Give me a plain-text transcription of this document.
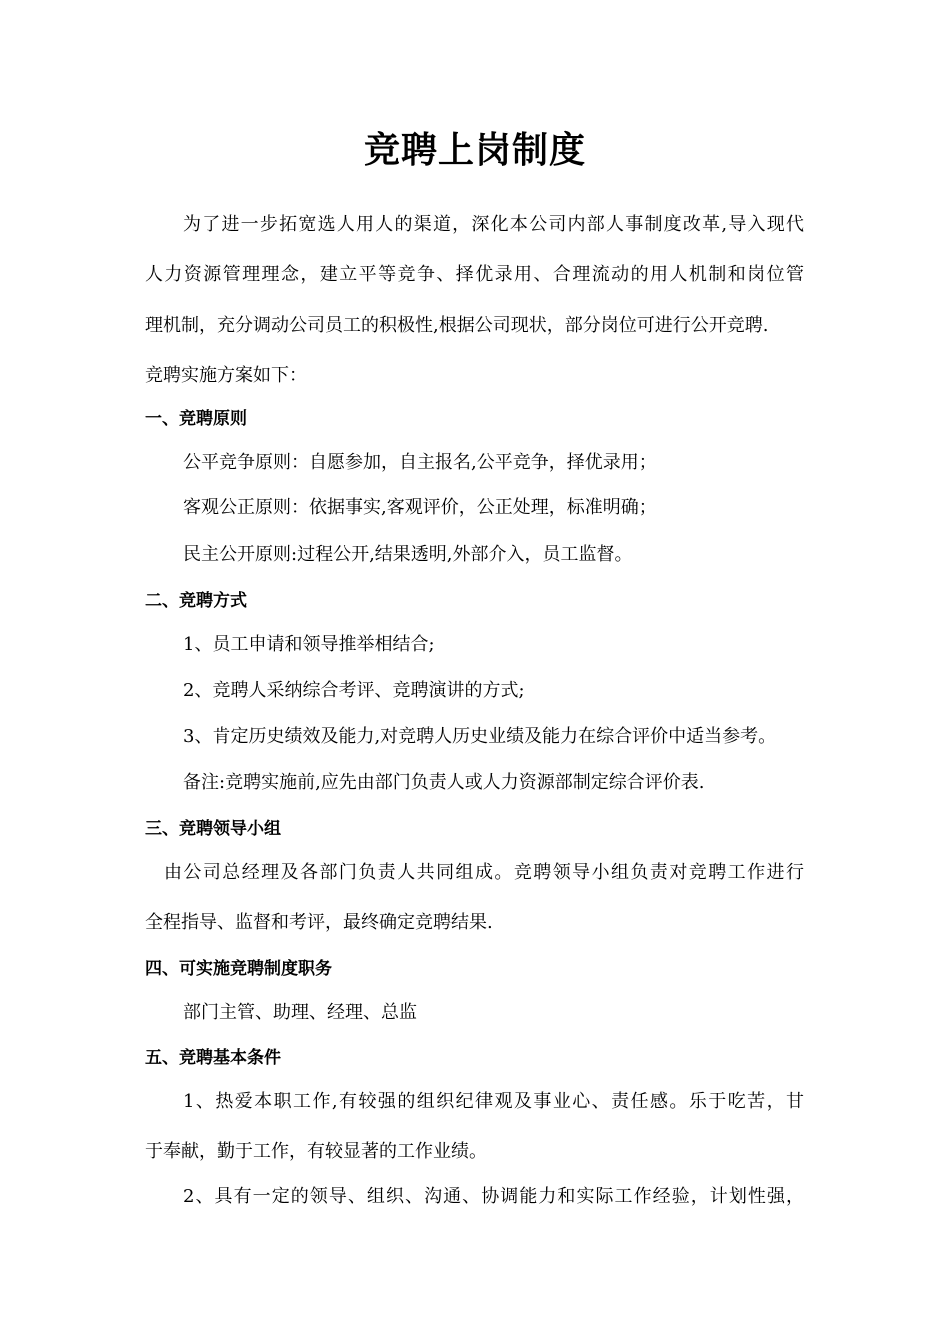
竞聘上岗制度
为了进一步拓宽选人用人的渠道，深化本公司内部人事制度改革,导入现代
人力资源管理理念，建立平等竞争、择优录用、合理流动的用人机制和岗位管
理机制，充分调动公司员工的积极性,根据公司现状，部分岗位可进行公开竞聘.
竞聘实施方案如下：
一、竞聘原则
公平竞争原则：自愿参加，自主报名,公平竞争，择优录用；
客观公正原则：依据事实,客观评价，公正处理，标准明确；
民主公开原则:过程公开,结果透明,外部介入，员工监督。
二、竞聘方式
1、员工申请和领导推举相结合;
2、竞聘人采纳综合考评、竞聘演讲的方式;
3、肯定历史绩效及能力,对竞聘人历史业绩及能力在综合评价中适当参考。
备注:竞聘实施前,应先由部门负责人或人力资源部制定综合评价表.
三、竞聘领导小组
由公司总经理及各部门负责人共同组成。竞聘领导小组负责对竞聘工作进行
全程指导、监督和考评，最终确定竞聘结果.
四、可实施竞聘制度职务
部门主管、助理、经理、总监
五、竞聘基本条件
1、热爱本职工作,有较强的组织纪律观及事业心、责任感。乐于吃苦，甘
于奉献，勤于工作，有较显著的工作业绩。
2、具有一定的领导、组织、沟通、协调能力和实际工作经验，计划性强，
